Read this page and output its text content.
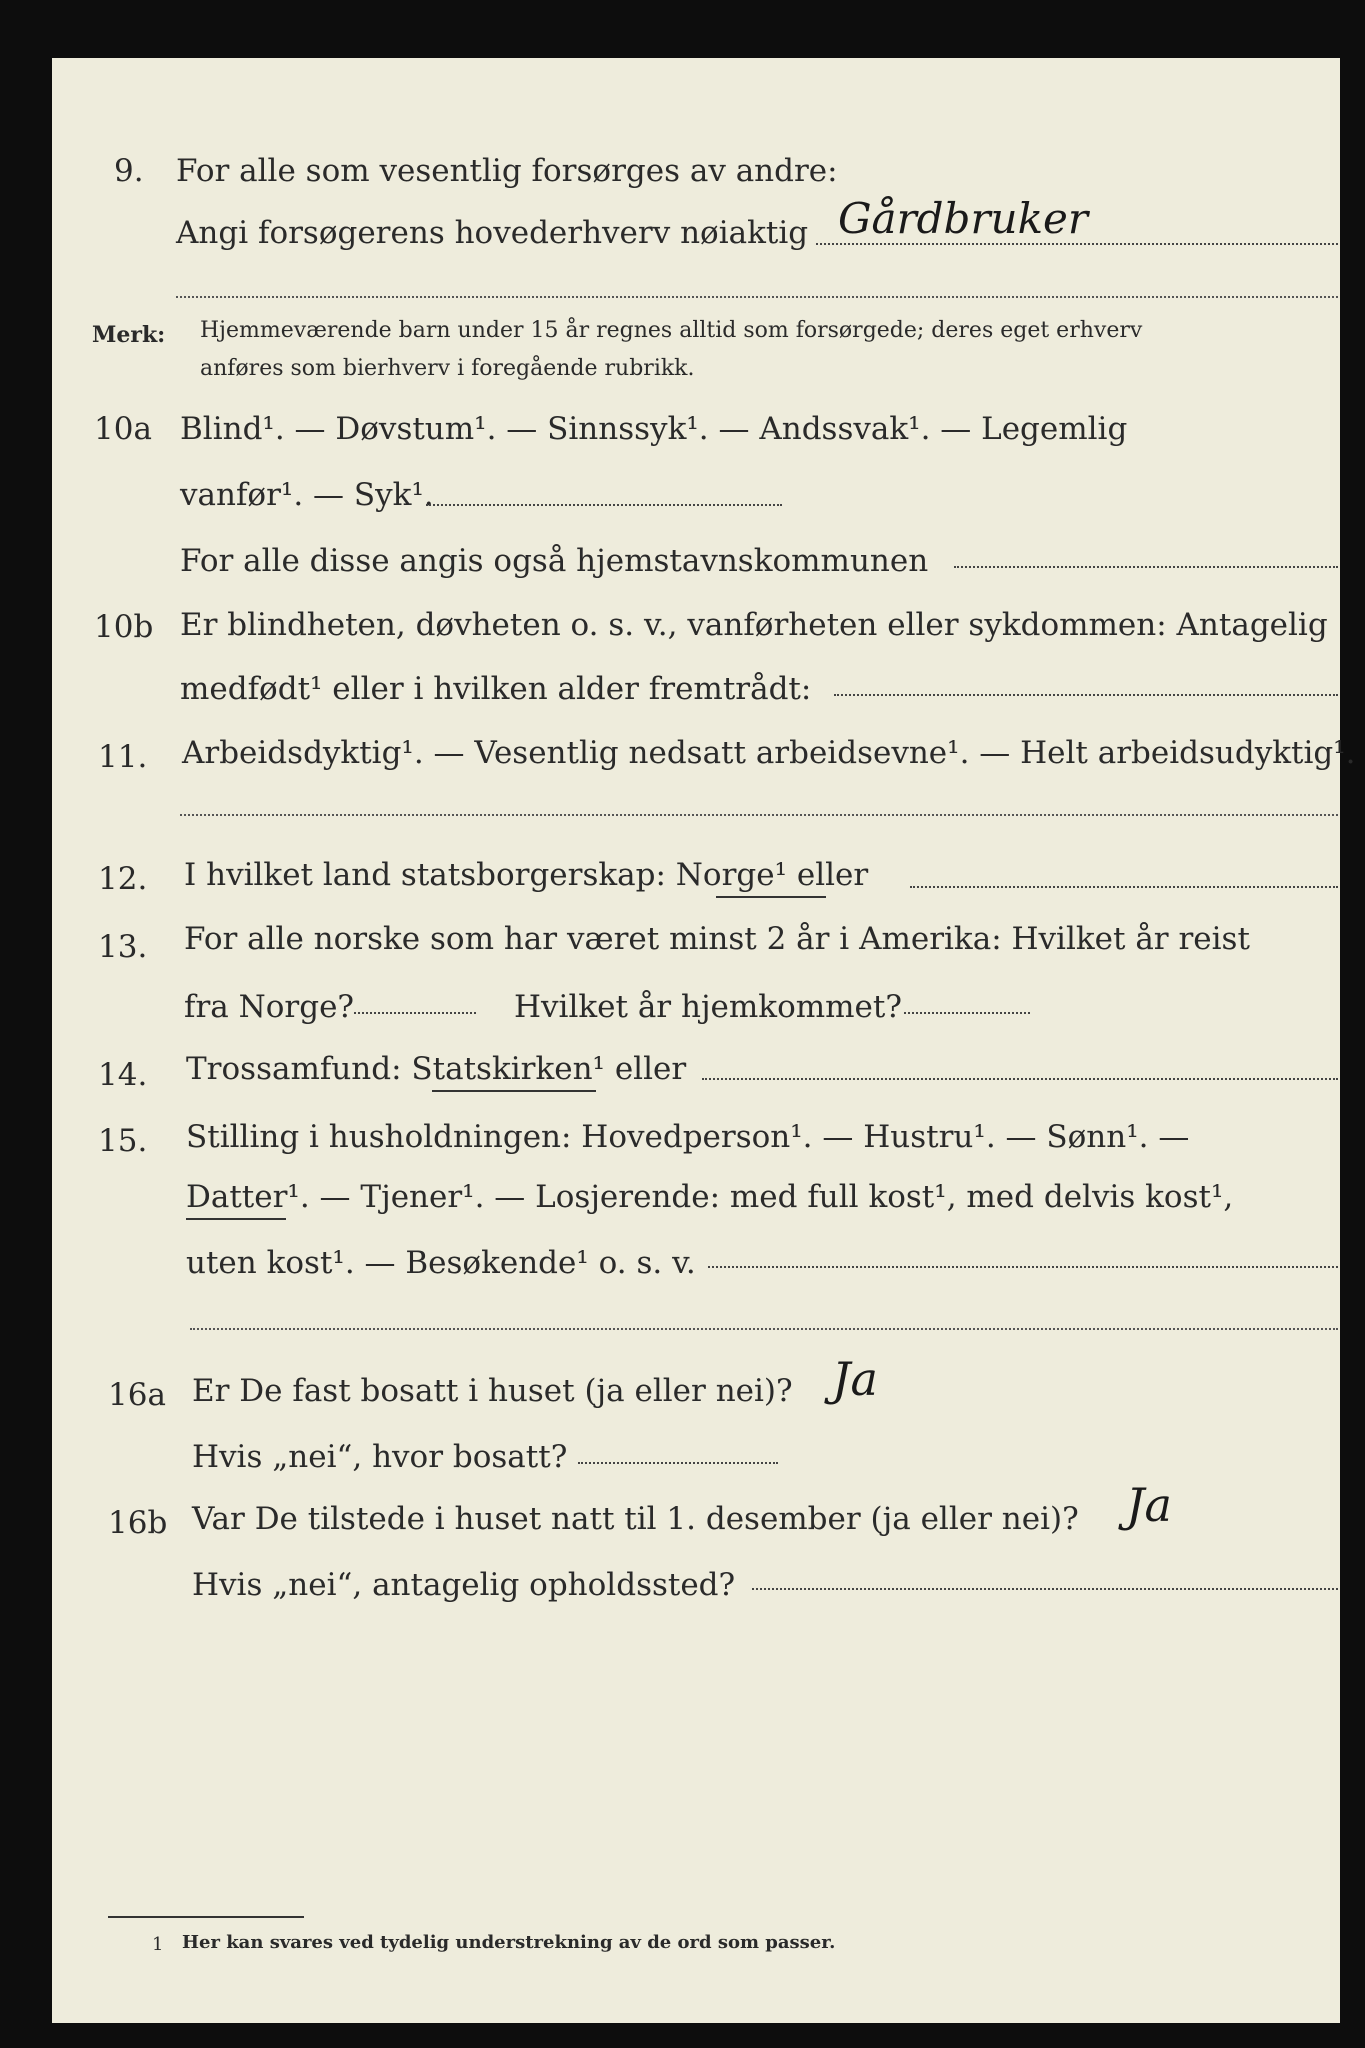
9. For alle som vesentlig forsørges av andre:
Angi forsøgerens hovederhverv nøiaktig Gårdbruker
Merk: Hjemmeværende barn under 15 år regnes alltid som forsørgede; deres eget erhverv
anføres som bierhverv i foregående rubrikk.
10a Blind¹. — Døvstum¹. — Sinnssyk¹. — Andssvak¹. — Legemlig
vanfør¹. — Syk¹.
For alle disse angis også hjemstavnskommunen
10b Er blindheten, døvheten o. s. v., vanførheten eller sykdommen: Antagelig
medfødt¹ eller i hvilken alder fremtrådt:
11. Arbeidsdyktig¹. — Vesentlig nedsatt arbeidsevne¹. — Helt arbeidsudyktig¹.
12. I hvilket land statsborgerskap: Norge¹ eller
13. For alle norske som har været minst 2 år i Amerika: Hvilket år reist
fra Norge?	Hvilket år hjemkommet?
14. Trossamfund: Statskirken¹ eller
15. Stilling i husholdningen: Hovedperson¹. — Hustru¹. — Sønn¹. —
Datter¹. — Tjener¹. — Losjerende: med full kost¹, med delvis kost¹,
uten kost¹. — Besøkende¹ o. s. v.
16a Er De fast bosatt i huset (ja eller nei)? Ja
Hvis „nei“, hvor bosatt?
16b Var De tilstede i huset natt til 1. desember (ja eller nei)? Ja
Hvis „nei“, antagelig opholdssted?
1 Her kan svares ved tydelig understrekning av de ord som passer.
